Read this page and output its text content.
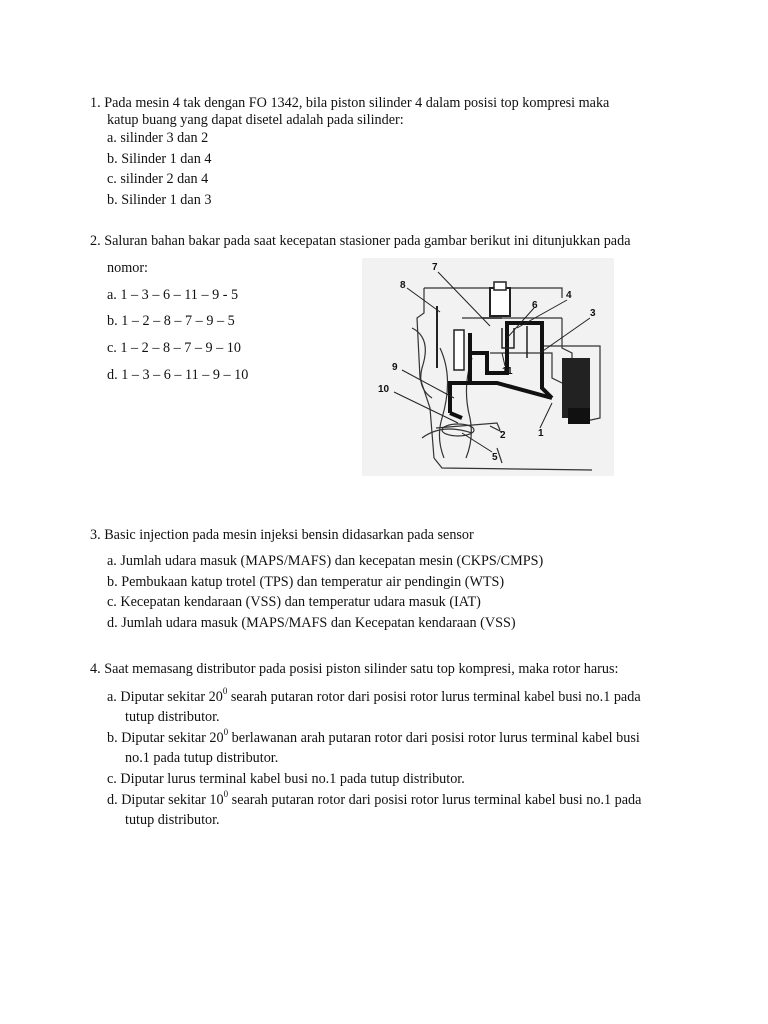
1. Pada mesin 4 tak dengan FO 1342, bila piston silinder 4 dalam posisi top kompresi maka
katup buang yang dapat disetel adalah pada silinder:
a. silinder 3 dan 2
b. Silinder 1 dan 4
c. silinder 2 dan 4
b. Silinder 1 dan 3
2. Saluran bahan bakar pada saat kecepatan stasioner pada gambar berikut ini ditunjukkan pada
nomor:
a. 1 – 3 – 6 – 11 – 9 - 5
b. 1 – 2 – 8 – 7 – 9 – 5
c. 1 – 2 – 8 – 7 – 9 – 10
d. 1 – 3 – 6 – 11 – 9 – 10
7
8
6
4
3
11
9
10
2	1
5
3. Basic injection pada mesin injeksi bensin didasarkan pada sensor
a. Jumlah udara masuk (MAPS/MAFS) dan kecepatan mesin (CKPS/CMPS)
b. Pembukaan katup trotel (TPS) dan temperatur air pendingin (WTS)
c. Kecepatan kendaraan (VSS) dan temperatur udara masuk (IAT)
d. Jumlah udara masuk (MAPS/MAFS dan Kecepatan kendaraan (VSS)
4. Saat memasang distributor pada posisi piston silinder satu top kompresi, maka rotor harus:
a. Diputar sekitar $20^0$ searah putaran rotor dari posisi rotor lurus terminal kabel busi no.1 pada
tutup distributor.
b. Diputar sekitar $20^0$ berlawanan arah putaran rotor dari posisi rotor lurus terminal kabel busi
no.1 pada tutup distributor.
c. Diputar lurus terminal kabel busi no.1 pada tutup distributor.
d. Diputar sekitar $10^0$ searah putaran rotor dari posisi rotor lurus terminal kabel busi no.1 pada
tutup distributor.
